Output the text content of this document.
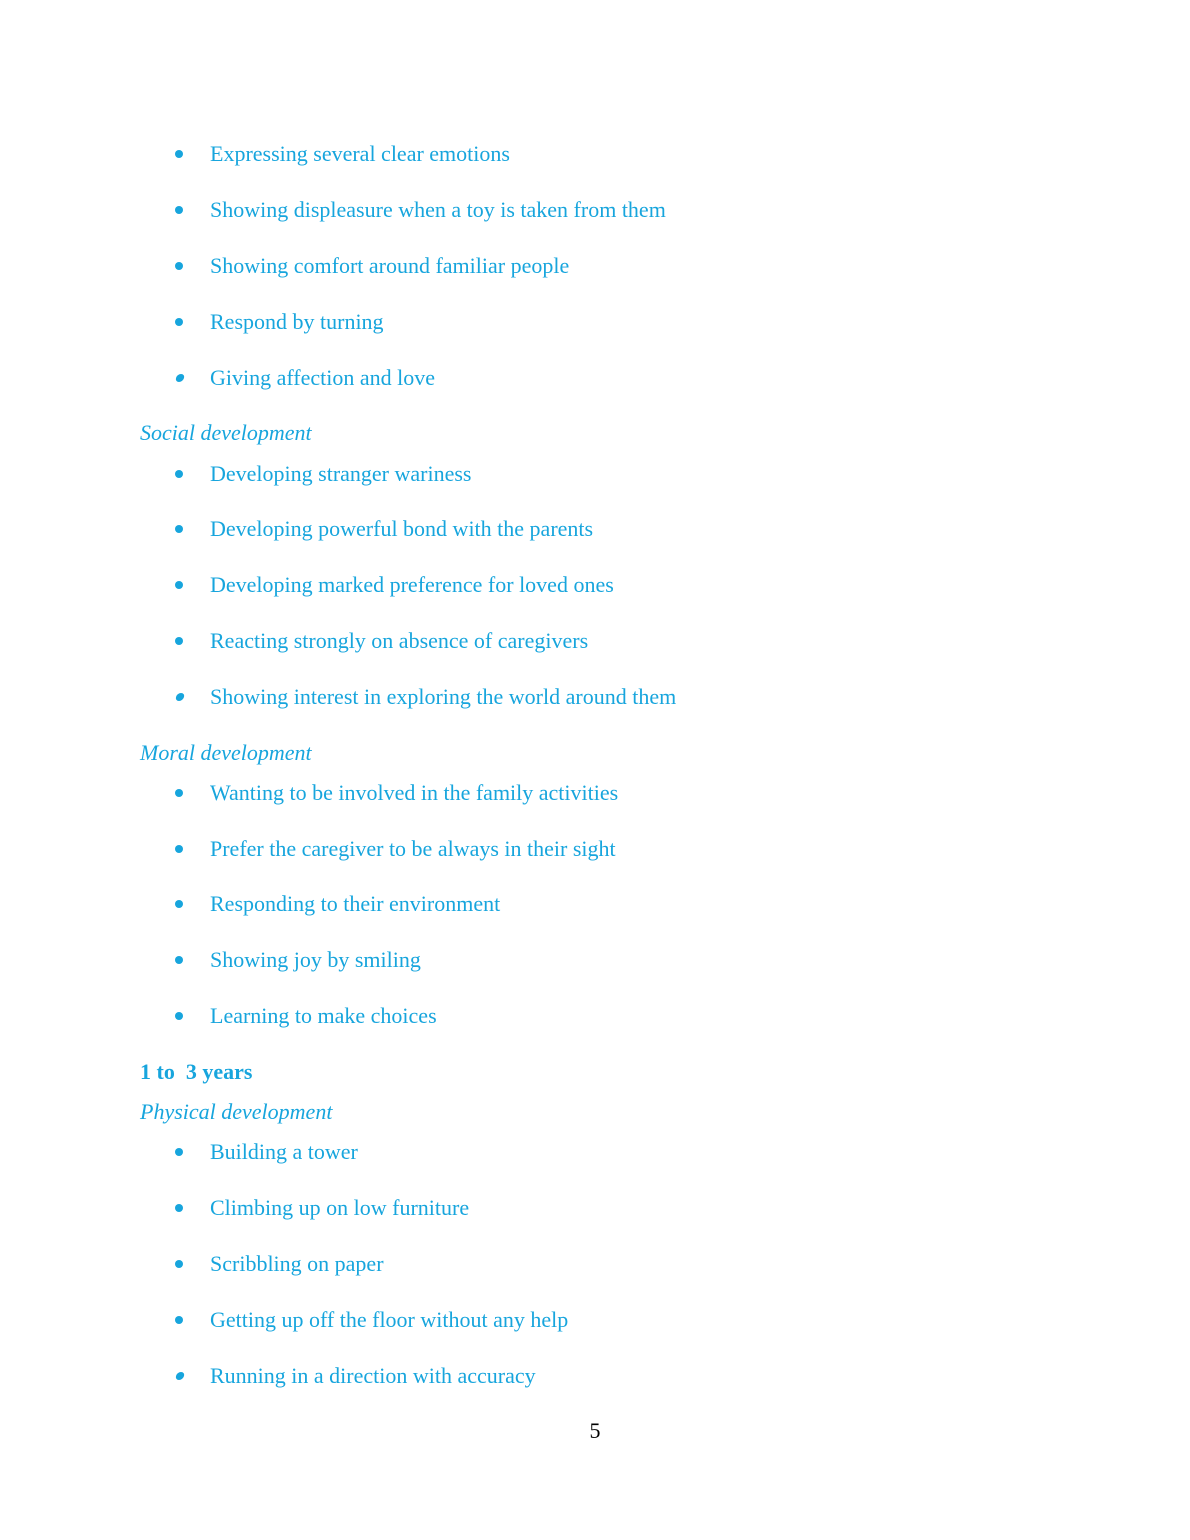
Expressing several clear emotions
Showing displeasure when a toy is taken from them
Showing comfort around familiar people
Respond by turning
Giving affection and love
Social development
Developing stranger wariness
Developing powerful bond with the parents
Developing marked preference for loved ones
Reacting strongly on absence of caregivers
Showing interest in exploring the world around them
Moral development
Wanting to be involved in the family activities
Prefer the caregiver to be always in their sight
Responding to their environment
Showing joy by smiling
Learning to make choices
1 to  3 years
Physical development
Building a tower
Climbing up on low furniture
Scribbling on paper
Getting up off the floor without any help
Running in a direction with accuracy
5
